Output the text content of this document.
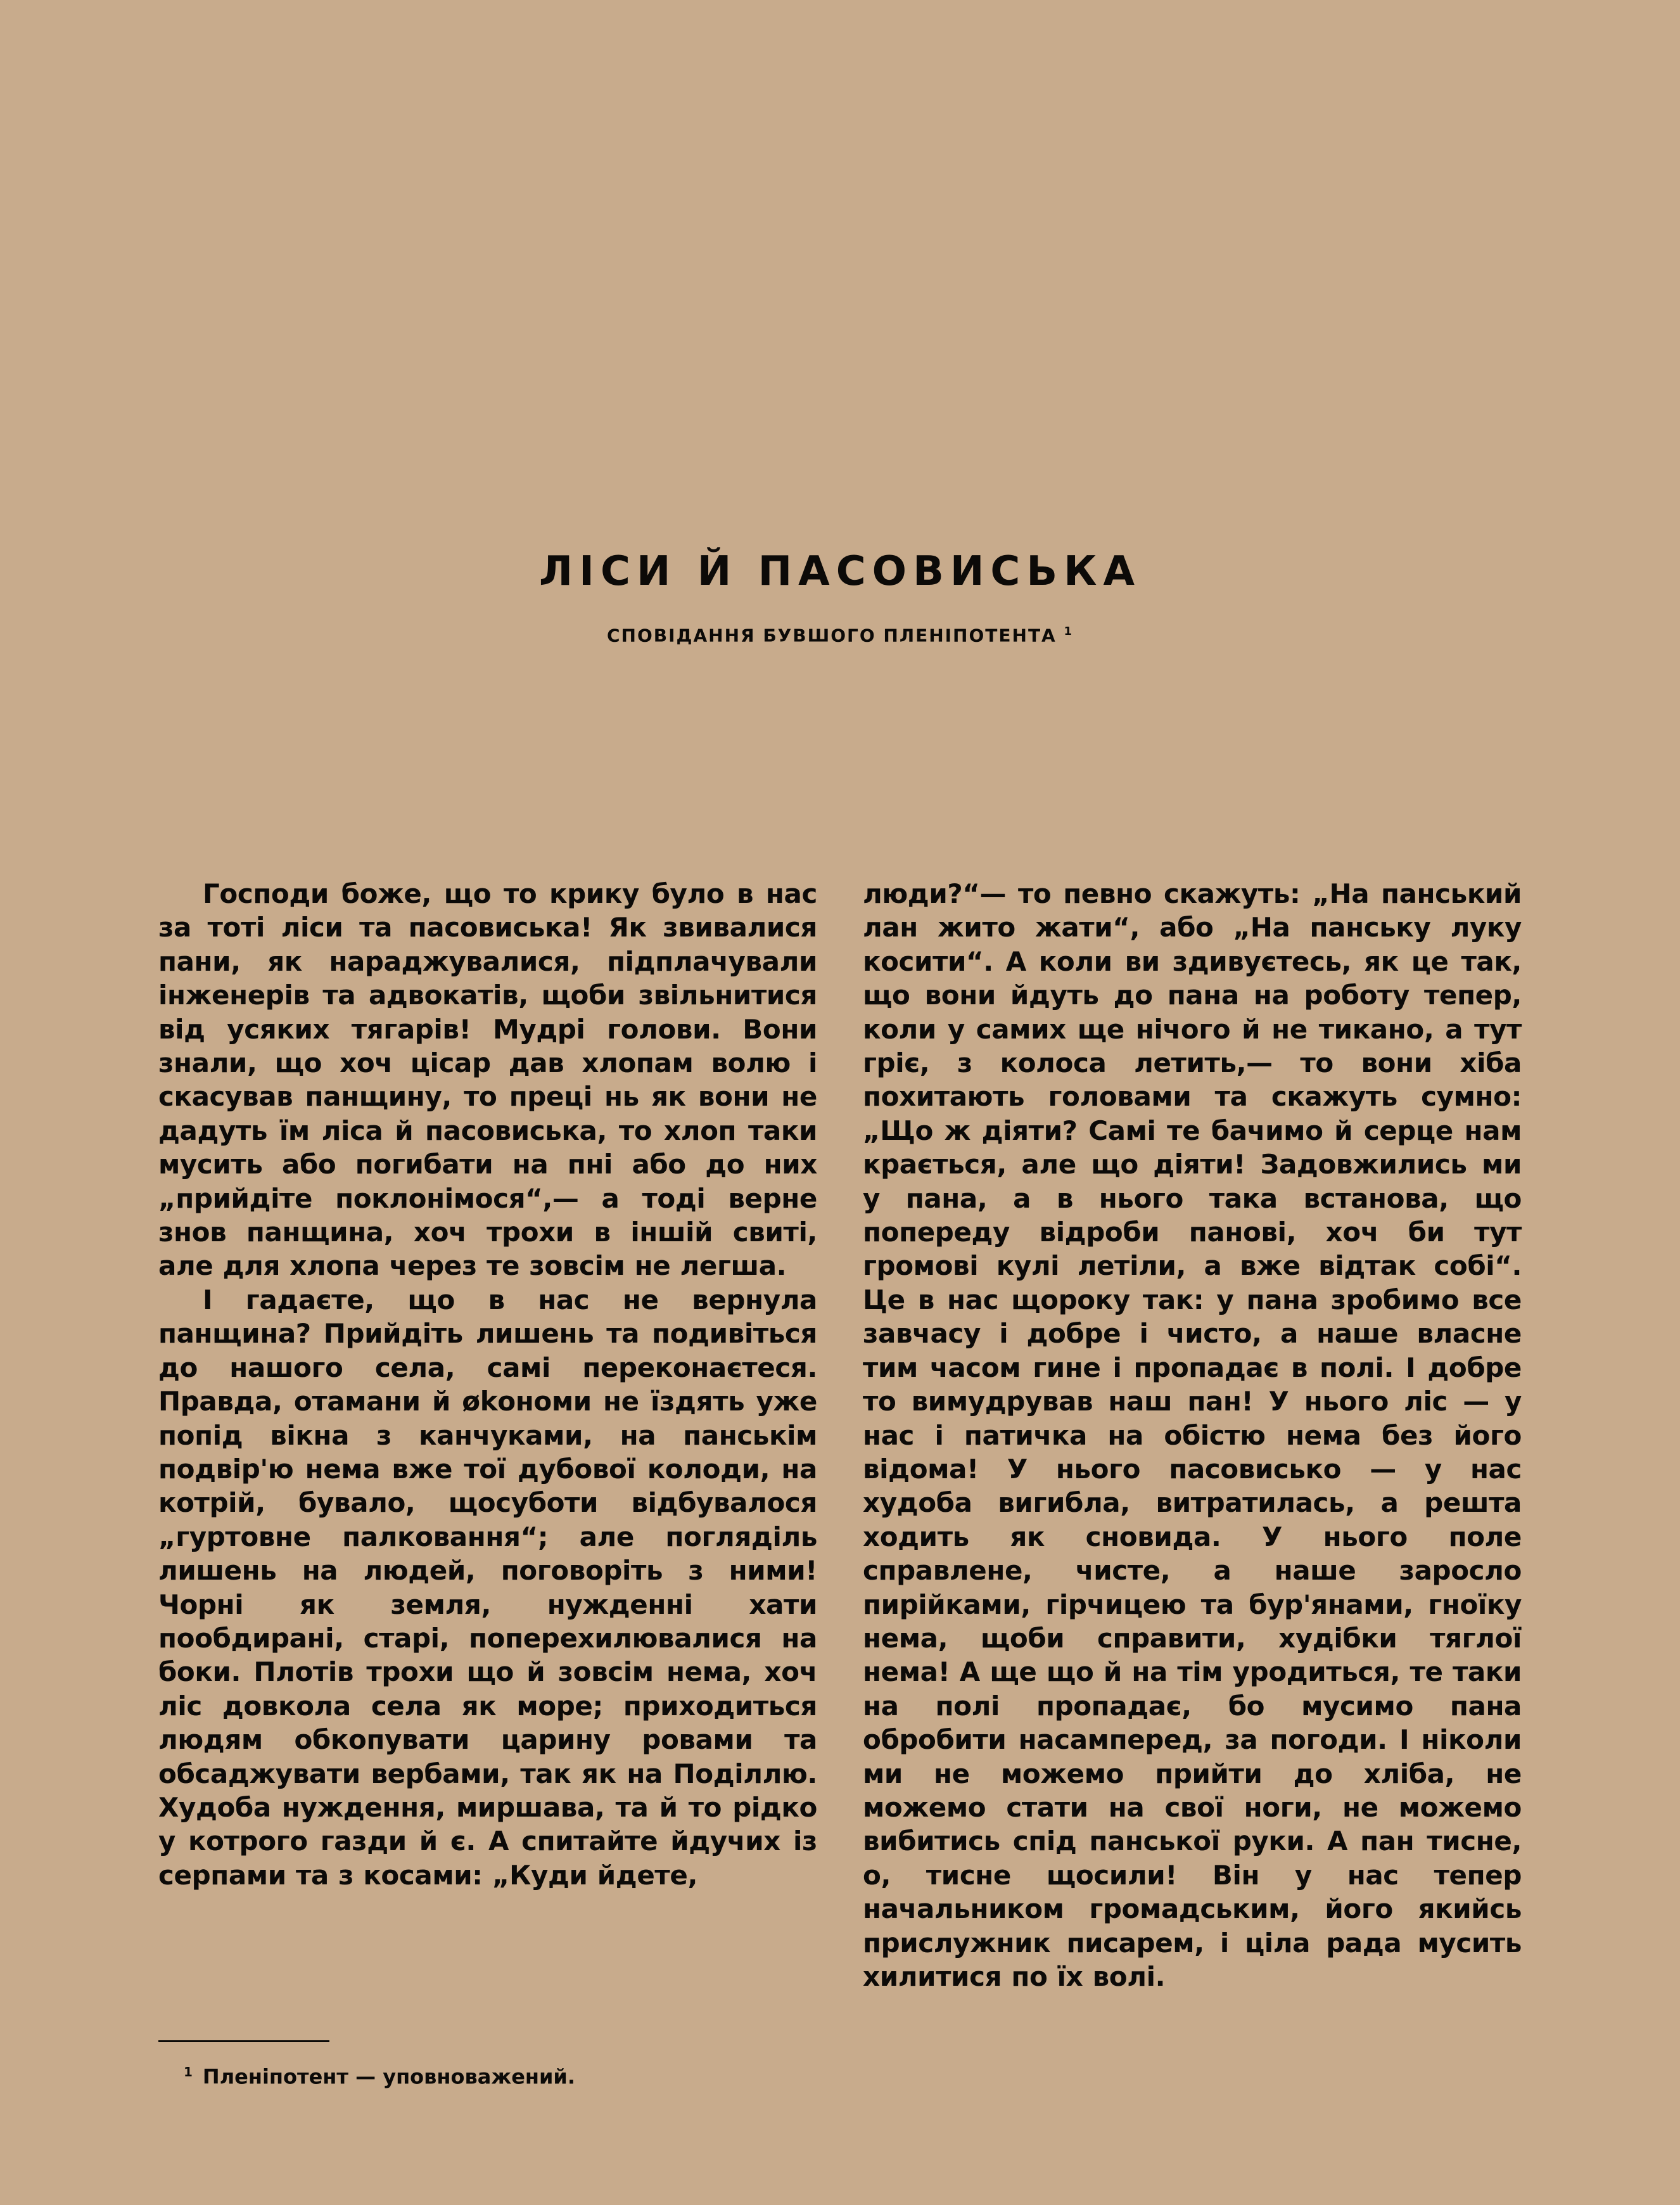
ЛІСИ Й ПАСОВИСЬКА
СПОВІДАННЯ БУВШОГО ПЛЕНІПОТЕНТА $^1$

Господи боже, що то крику було в нас за тоті ліси та пасовиська! Як звивалися пани, як нараджувалися, підплачували інженерів та адвокатів, щоби звільнитися від усяких тягарів! Мудрі голови. Вони знали, що хоч цісар дав хлопам волю і скасував панщину, то преці нь як вони не дадуть їм ліса й пасовиська, то хлоп таки мусить або погибати на пні або до них „прийдіте поклонімося“,— а тоді верне знов панщина, хоч трохи в іншій свиті, але для хлопа через те зовсім не легша.

І гадаєте, що в нас не вернула панщина? Прийдіть лишень та подивіться до нашого села, самі переконаєтеся. Правда, отамани й økономи не їздять уже попід вікна з канчуками, на панськім подвір'ю нема вже тої дубової колоди, на котрій, бувало, щосуботи відбувалося „гуртовне палковання“; але погляділь лишень на людей, поговоріть з ними! Чорні як земля, нужденні хати пообдирані, старі, попереxилювалися на боки. Плотів трохи що й зовсім нема, хоч ліс довкола села як море; приходиться людям обкопувати царину ровами та обсаджувати вербами, так як на Поділлю. Худоба нуждення, миршава, та й то рідко у котрого газди й є. А спитайте йдучих із серпами та з косами: „Куди йдете,

люди?“— то певно скажуть: „На панський лан жито жати“, або „На панську луку косити“. А коли ви здивуєтесь, як це так, що вони йдуть до пана на роботу тепер, коли у самих ще нічого й не тикано, а тут гріє, з колоса летить,— то вони хіба похитають головами та скажуть сумно: „Що ж діяти? Самі те бачимо й серце нам крається, але що діяти! Задовжились ми у пана, а в нього така встанова, що попереду відроби панові, хоч би тут громові кулі летіли, а вже відтак собі“. Це в нас щороку так: у пана зробимо все завчасу і добре і чисто, а наше власне тим часом гине і пропадає в полі. І добре то вимудрував наш пан! У нього ліс — у нас і патичка на обістю нема без його відома! У нього пасовисько — у нас худоба вигибла, витратилась, а решта ходить як сновида. У нього поле справлене, чисте, а наше заросло пирійками, гірчицею та бур'янами, гноїку нема, щоби справити, худібки тяглої нема! А ще що й на тім уродиться, те таки на полі пропадає, бо мусимо пана обробити насамперед, за погоди. І ніколи ми не можемо прийти до хліба, не можемо стати на свої ноги, не можемо вибитись спід панської руки. А пан тисне, о, тисне щосили! Він у нас тепер начальником громадським, його якийсь прислужник писарем, і ціла рада мусить хилитися по їх волі.

$^1$ Пленіпотент — уповноважений.
